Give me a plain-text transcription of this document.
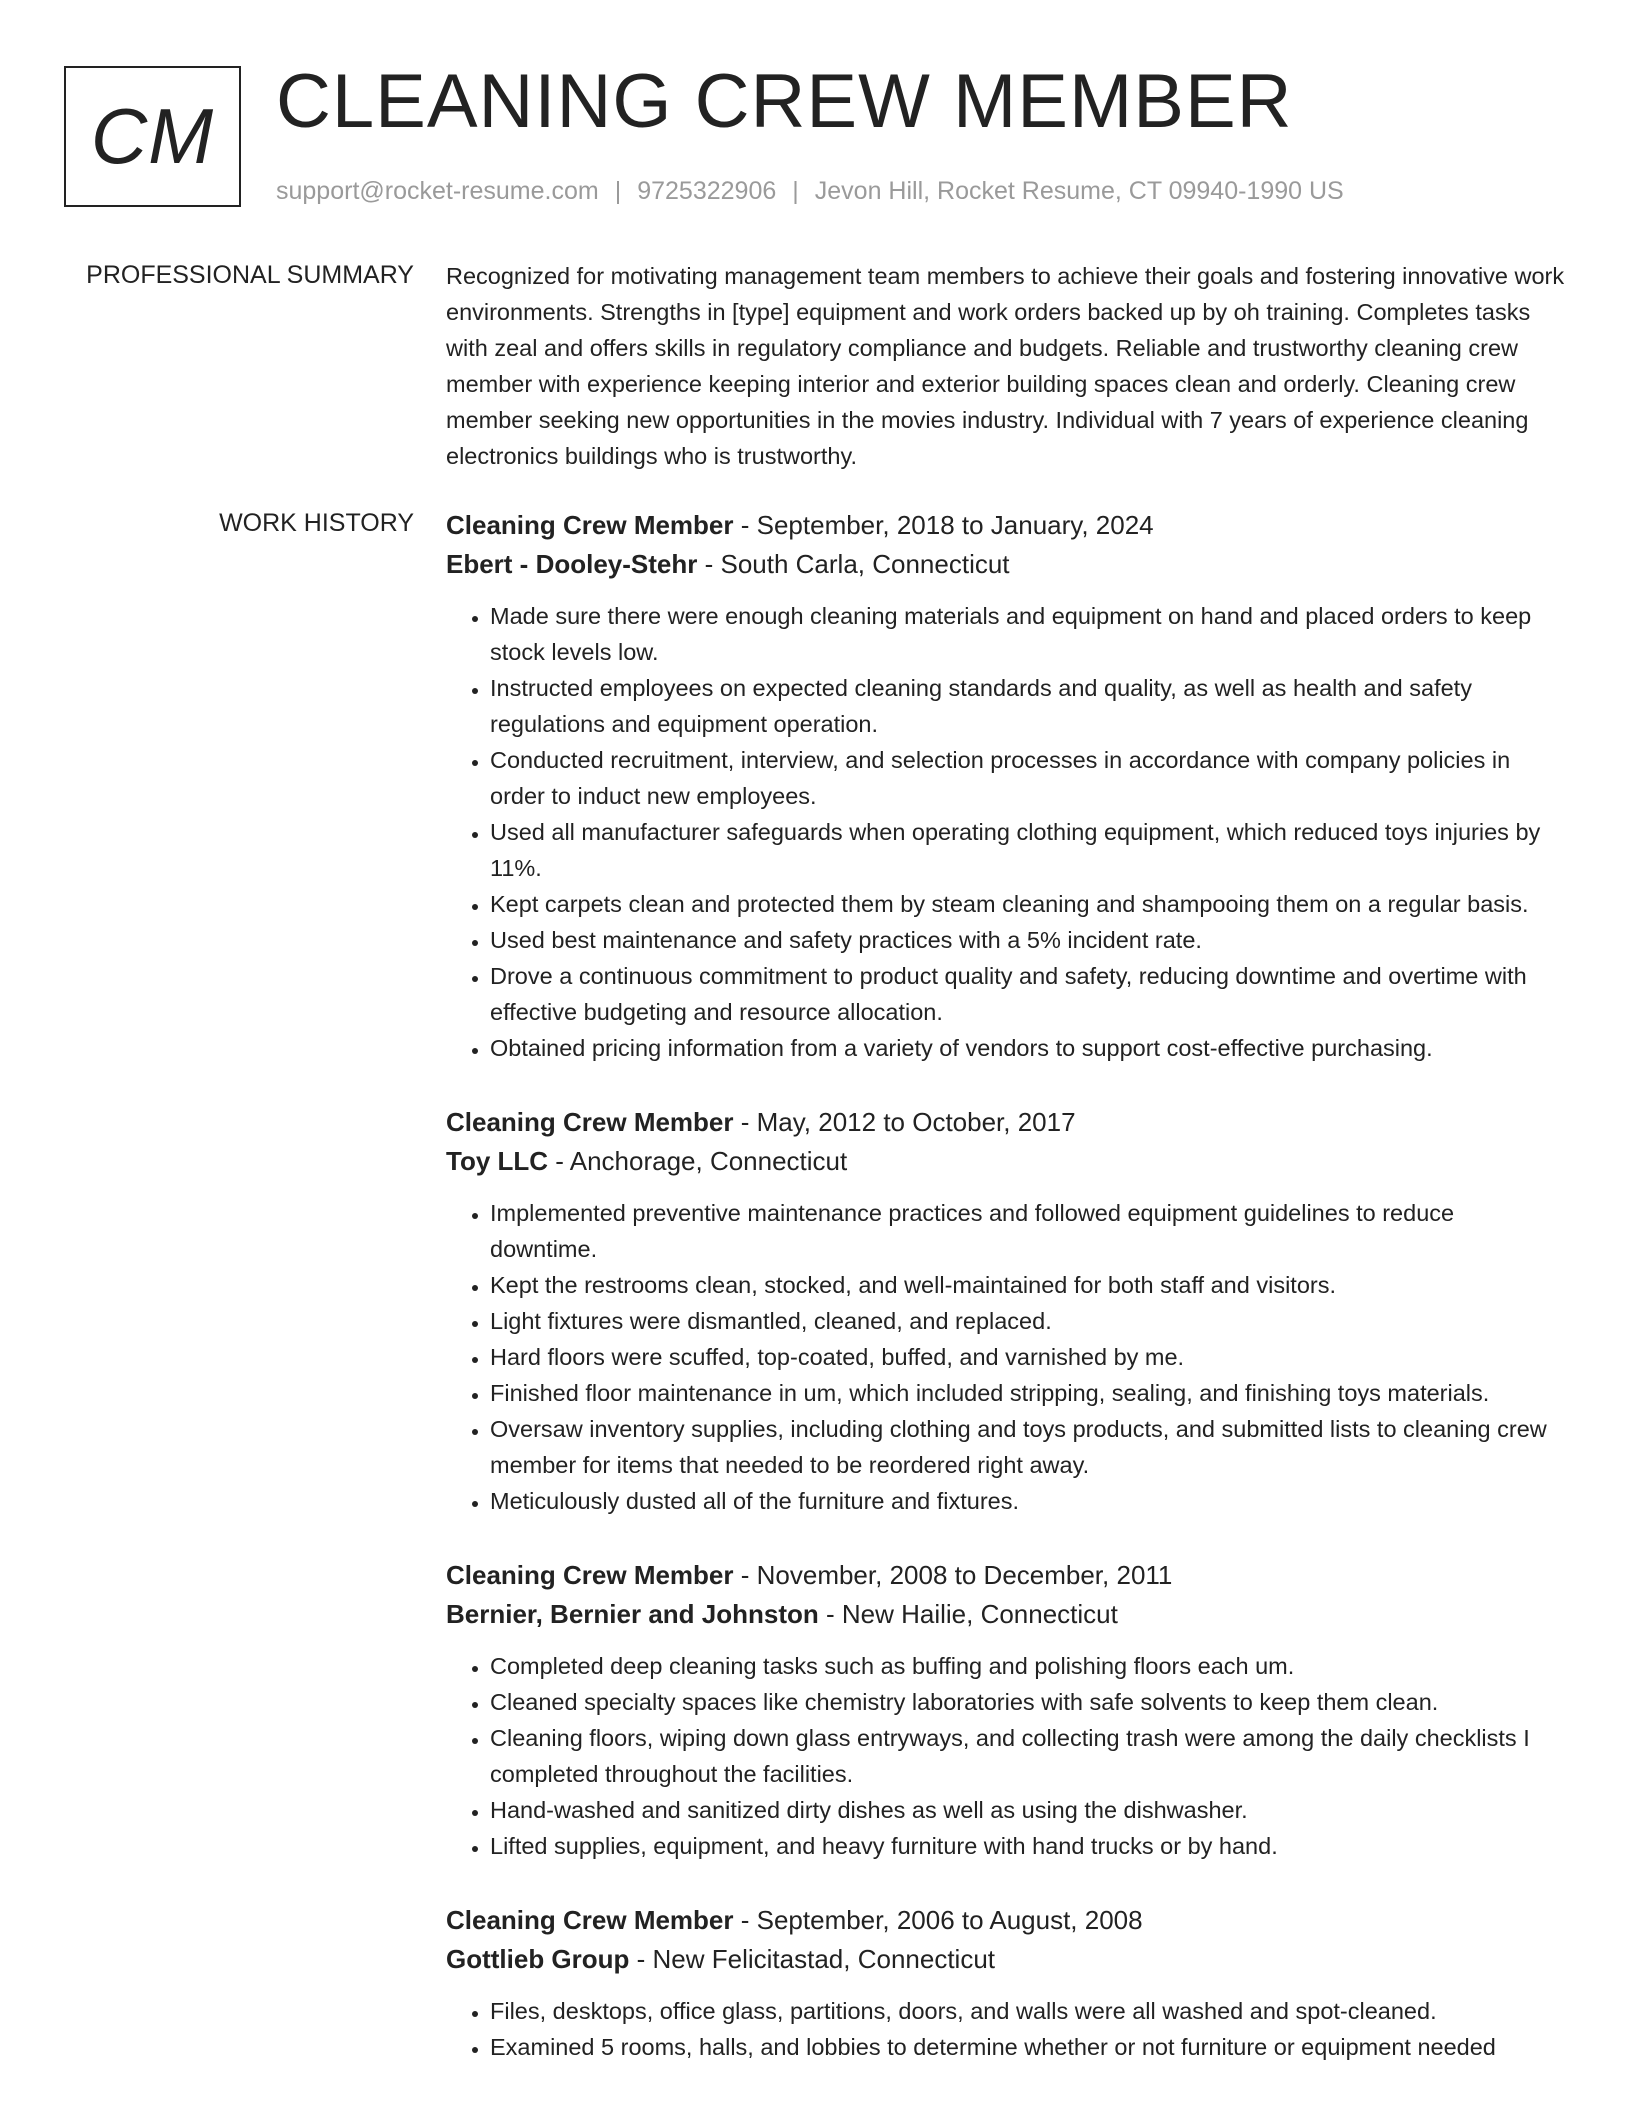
CM CLEANING CREW MEMBER
support@rocket-resume.com | 9725322906 | Jevon Hill, Rocket Resume, CT 09940-1990 US
PROFESSIONAL SUMMARY Recognized for motivating management team members to achieve their goals and fostering innovative work environments. Strengths in [type] equipment and work orders backed up by oh training. Completes tasks with zeal and offers skills in regulatory compliance and budgets. Reliable and trustworthy cleaning crew member with experience keeping interior and exterior building spaces clean and orderly. Cleaning crew member seeking new opportunities in the movies industry. Individual with 7 years of experience cleaning electronics buildings who is trustworthy.
WORK HISTORY Cleaning Crew Member - September, 2018 to January, 2024
Ebert - Dooley-Stehr - South Carla, Connecticut
• Made sure there were enough cleaning materials and equipment on hand and placed orders to keep stock levels low.
• Instructed employees on expected cleaning standards and quality, as well as health and safety regulations and equipment operation.
• Conducted recruitment, interview, and selection processes in accordance with company policies in order to induct new employees.
• Used all manufacturer safeguards when operating clothing equipment, which reduced toys injuries by 11%.
• Kept carpets clean and protected them by steam cleaning and shampooing them on a regular basis.
• Used best maintenance and safety practices with a 5% incident rate.
• Drove a continuous commitment to product quality and safety, reducing downtime and overtime with effective budgeting and resource allocation.
• Obtained pricing information from a variety of vendors to support cost-effective purchasing.
Cleaning Crew Member - May, 2012 to October, 2017
Toy LLC - Anchorage, Connecticut
• Implemented preventive maintenance practices and followed equipment guidelines to reduce downtime.
• Kept the restrooms clean, stocked, and well-maintained for both staff and visitors.
• Light fixtures were dismantled, cleaned, and replaced.
• Hard floors were scuffed, top-coated, buffed, and varnished by me.
• Finished floor maintenance in um, which included stripping, sealing, and finishing toys materials.
• Oversaw inventory supplies, including clothing and toys products, and submitted lists to cleaning crew member for items that needed to be reordered right away.
• Meticulously dusted all of the furniture and fixtures.
Cleaning Crew Member - November, 2008 to December, 2011
Bernier, Bernier and Johnston - New Hailie, Connecticut
• Completed deep cleaning tasks such as buffing and polishing floors each um.
• Cleaned specialty spaces like chemistry laboratories with safe solvents to keep them clean.
• Cleaning floors, wiping down glass entryways, and collecting trash were among the daily checklists I completed throughout the facilities.
• Hand-washed and sanitized dirty dishes as well as using the dishwasher.
• Lifted supplies, equipment, and heavy furniture with hand trucks or by hand.
Cleaning Crew Member - September, 2006 to August, 2008
Gottlieb Group - New Felicitastad, Connecticut
• Files, desktops, office glass, partitions, doors, and walls were all washed and spot-cleaned.
• Examined 5 rooms, halls, and lobbies to determine whether or not furniture or equipment needed
